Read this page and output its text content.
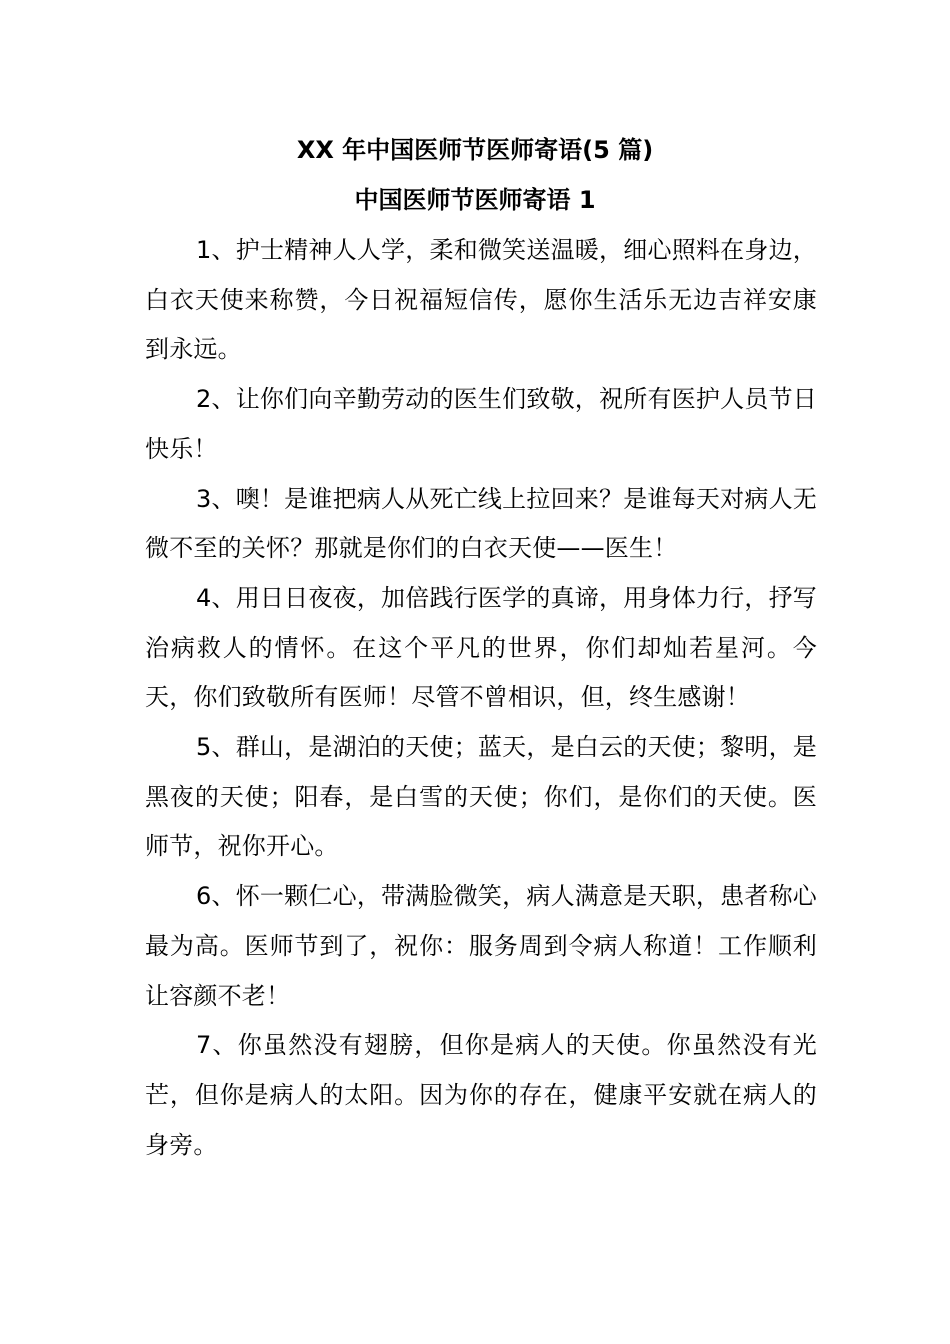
XX 年中国医师节医师寄语(5 篇)
中国医师节医师寄语 1

1、护士精神人人学，柔和微笑送温暖，细心照料在身边，白衣天使来称赞，今日祝福短信传，愿你生活乐无边吉祥安康到永远。

2、让你们向辛勤劳动的医生们致敬，祝所有医护人员节日快乐！

3、噢！是谁把病人从死亡线上拉回来？是谁每天对病人无微不至的关怀？那就是你们的白衣天使——医生！

4、用日日夜夜，加倍践行医学的真谛，用身体力行，抒写治病救人的情怀。在这个平凡的世界，你们却灿若星河。今天，你们致敬所有医师！尽管不曾相识，但，终生感谢！

5、群山，是湖泊的天使；蓝天，是白云的天使；黎明，是黑夜的天使；阳春，是白雪的天使；你们，是你们的天使。医师节，祝你开心。

6、怀一颗仁心，带满脸微笑，病人满意是天职，患者称心最为高。医师节到了，祝你：服务周到令病人称道！工作顺利让容颜不老！

7、你虽然没有翅膀，但你是病人的天使。你虽然没有光芒，但你是病人的太阳。因为你的存在，健康平安就在病人的身旁。
